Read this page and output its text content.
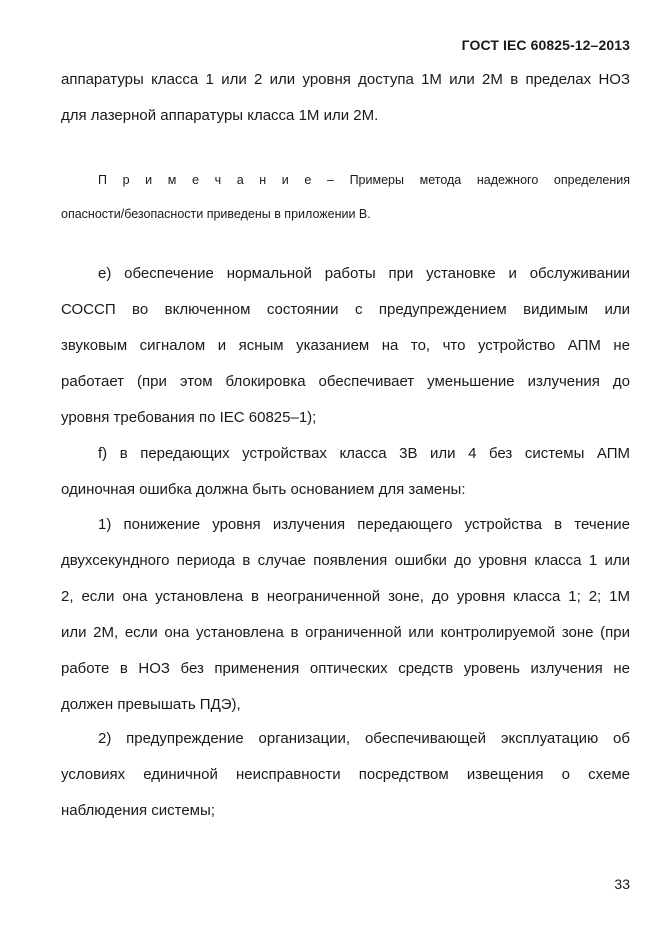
ГОСТ IEC 60825-12–2013
аппаратуры класса 1 или 2 или уровня доступа 1М или 2М в пределах НОЗ
для лазерной аппаратуры класса 1М или 2М.
П р и м е ч а н и е – Примеры метода надежного определения
опасности/безопасности приведены в приложении В.
е) обеспечение нормальной работы при установке и обслуживании
СОССП во включенном состоянии с предупреждением видимым или
звуковым сигналом и ясным указанием на то, что устройство АПМ не
работает (при этом блокировка обеспечивает уменьшение излучения до
уровня требования по IEC 60825–1);
f) в передающих устройствах класса 3В или 4 без системы АПМ
одиночная ошибка должна быть основанием для замены:
1) понижение уровня излучения передающего устройства в течение
двухсекундного периода в случае появления ошибки до уровня класса 1 или
2, если она установлена в неограниченной зоне, до уровня класса 1; 2; 1М
или 2М, если она установлена в ограниченной или контролируемой зоне (при
работе в НОЗ без применения оптических средств уровень излучения не
должен превышать ПДЭ),
2) предупреждение организации, обеспечивающей эксплуатацию об
условиях единичной неисправности посредством извещения о схеме
наблюдения системы;
33
